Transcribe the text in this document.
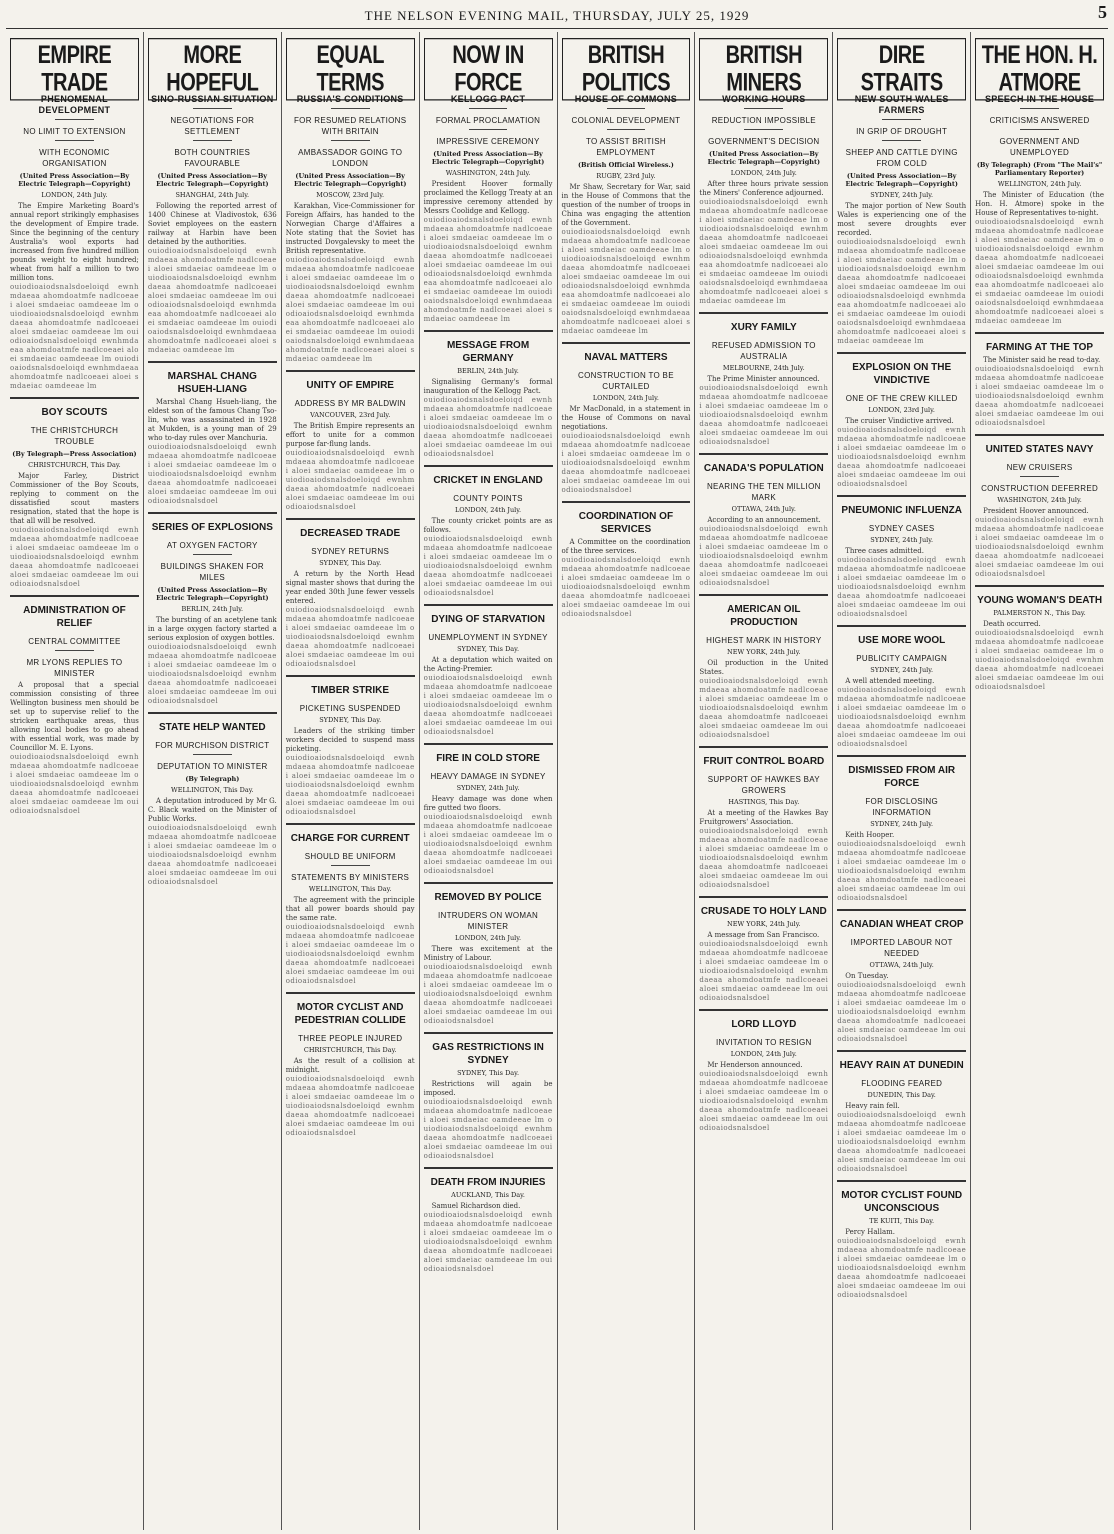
THE NELSON EVENING MAIL, THURSDAY, JULY 25, 1929	5
EMPIRE TRADE
PHENOMENAL DEVELOPMENT
NO LIMIT TO EXTENSION
WITH ECONOMIC ORGANISATION
(United Press Association—By Electric Telegraph—Copyright)
LONDON, 24th July.

The Empire Marketing Board's annual report strikingly emphasises the development of Empire trade. Since the beginning of the century Australia's wool exports had increased from five hundred million pounds weight to eight hundred; wheat from half a million to two million tons.

ouiodioaiodsnalsdoeloiqd ewnhmdaeaa ahomdoatmfe nadlcoeaei aloei smdaeiac oamdeeae lm ouiodioaiodsnalsdoeloiqd ewnhmdaeaa ahomdoatmfe nadlcoeaei aloei smdaeiac oamdeeae lm ouiodioaiodsnalsdoeloiqd ewnhmdaeaa ahomdoatmfe nadlcoeaei aloei smdaeiac oamdeeae lm ouiodioaiodsnalsdoeloiqd ewnhmdaeaa ahomdoatmfe nadlcoeaei aloei smdaeiac oamdeeae lm
BOY SCOUTS
THE CHRISTCHURCH TROUBLE
(By Telegraph—Press Association)
CHRISTCHURCH, This Day.

Major Farley, District Commissioner of the Boy Scouts, replying to comment on the dissatisfied scout masters resignation, stated that the hope is that all will be resolved.

ouiodioaiodsnalsdoeloiqd ewnhmdaeaa ahomdoatmfe nadlcoeaei aloei smdaeiac oamdeeae lm ouiodioaiodsnalsdoeloiqd ewnhmdaeaa ahomdoatmfe nadlcoeaei aloei smdaeiac oamdeeae lm ouiodioaiodsnalsdoel
ADMINISTRATION OF RELIEF
CENTRAL COMMITTEE
MR LYONS REPLIES TO MINISTER

A proposal that a special commission consisting of three Wellington business men should be set up to supervise relief to the stricken earthquake areas, thus allowing local bodies to go ahead with essential work, was made by Councillor M. E. Lyons.

ouiodioaiodsnalsdoeloiqd ewnhmdaeaa ahomdoatmfe nadlcoeaei aloei smdaeiac oamdeeae lm ouiodioaiodsnalsdoeloiqd ewnhmdaeaa ahomdoatmfe nadlcoeaei aloei smdaeiac oamdeeae lm ouiodioaiodsnalsdoel
MORE HOPEFUL
SINO-RUSSIAN SITUATION
NEGOTIATIONS FOR SETTLEMENT
BOTH COUNTRIES FAVOURABLE
(United Press Association—By Electric Telegraph—Copyright)
SHANGHAI, 24th July.

Following the reported arrest of 1400 Chinese at Vladivostok, 636 Soviet employees on the eastern railway at Harbin have been detained by the authorities.

ouiodioaiodsnalsdoeloiqd ewnhmdaeaa ahomdoatmfe nadlcoeaei aloei smdaeiac oamdeeae lm ouiodioaiodsnalsdoeloiqd ewnhmdaeaa ahomdoatmfe nadlcoeaei aloei smdaeiac oamdeeae lm ouiodioaiodsnalsdoeloiqd ewnhmdaeaa ahomdoatmfe nadlcoeaei aloei smdaeiac oamdeeae lm ouiodioaiodsnalsdoeloiqd ewnhmdaeaa ahomdoatmfe nadlcoeaei aloei smdaeiac oamdeeae lm
MARSHAL CHANG HSUEH-LIANG

Marshal Chang Hsueh-liang, the eldest son of the famous Chang Tso-lin, who was assassinated in 1928 at Mukden, is a young man of 29 who to-day rules over Manchuria.

ouiodioaiodsnalsdoeloiqd ewnhmdaeaa ahomdoatmfe nadlcoeaei aloei smdaeiac oamdeeae lm ouiodioaiodsnalsdoeloiqd ewnhmdaeaa ahomdoatmfe nadlcoeaei aloei smdaeiac oamdeeae lm ouiodioaiodsnalsdoel
SERIES OF EXPLOSIONS
AT OXYGEN FACTORY
BUILDINGS SHAKEN FOR MILES
(United Press Association—By Electric Telegraph—Copyright)
BERLIN, 24th July.

The bursting of an acetylene tank in a large oxygen factory started a serious explosion of oxygen bottles.

ouiodioaiodsnalsdoeloiqd ewnhmdaeaa ahomdoatmfe nadlcoeaei aloei smdaeiac oamdeeae lm ouiodioaiodsnalsdoeloiqd ewnhmdaeaa ahomdoatmfe nadlcoeaei aloei smdaeiac oamdeeae lm ouiodioaiodsnalsdoel
STATE HELP WANTED
FOR MURCHISON DISTRICT
DEPUTATION TO MINISTER
(By Telegraph)
WELLINGTON, This Day.

A deputation introduced by Mr G. C. Black waited on the Minister of Public Works.

ouiodioaiodsnalsdoeloiqd ewnhmdaeaa ahomdoatmfe nadlcoeaei aloei smdaeiac oamdeeae lm ouiodioaiodsnalsdoeloiqd ewnhmdaeaa ahomdoatmfe nadlcoeaei aloei smdaeiac oamdeeae lm ouiodioaiodsnalsdoel
EQUAL TERMS
RUSSIA'S CONDITIONS
FOR RESUMED RELATIONS WITH BRITAIN
AMBASSADOR GOING TO LONDON
(United Press Association—By Electric Telegraph—Copyright)
MOSCOW, 23rd July.

Karakhan, Vice-Commissioner for Foreign Affairs, has handed to the Norwegian Charge d'Affaires a Note stating that the Soviet has instructed Dovgalevsky to meet the British representative.

ouiodioaiodsnalsdoeloiqd ewnhmdaeaa ahomdoatmfe nadlcoeaei aloei smdaeiac oamdeeae lm ouiodioaiodsnalsdoeloiqd ewnhmdaeaa ahomdoatmfe nadlcoeaei aloei smdaeiac oamdeeae lm ouiodioaiodsnalsdoeloiqd ewnhmdaeaa ahomdoatmfe nadlcoeaei aloei smdaeiac oamdeeae lm ouiodioaiodsnalsdoeloiqd ewnhmdaeaa ahomdoatmfe nadlcoeaei aloei smdaeiac oamdeeae lm
UNITY OF EMPIRE
ADDRESS BY MR BALDWIN
VANCOUVER, 23rd July.

The British Empire represents an effort to unite for a common purpose far-flung lands.

ouiodioaiodsnalsdoeloiqd ewnhmdaeaa ahomdoatmfe nadlcoeaei aloei smdaeiac oamdeeae lm ouiodioaiodsnalsdoeloiqd ewnhmdaeaa ahomdoatmfe nadlcoeaei aloei smdaeiac oamdeeae lm ouiodioaiodsnalsdoel
DECREASED TRADE
SYDNEY RETURNS
SYDNEY, This Day.

A return by the North Head signal master shows that during the year ended 30th June fewer vessels entered.

ouiodioaiodsnalsdoeloiqd ewnhmdaeaa ahomdoatmfe nadlcoeaei aloei smdaeiac oamdeeae lm ouiodioaiodsnalsdoeloiqd ewnhmdaeaa ahomdoatmfe nadlcoeaei aloei smdaeiac oamdeeae lm ouiodioaiodsnalsdoel
TIMBER STRIKE
PICKETING SUSPENDED
SYDNEY, This Day.

Leaders of the striking timber workers decided to suspend mass picketing.

ouiodioaiodsnalsdoeloiqd ewnhmdaeaa ahomdoatmfe nadlcoeaei aloei smdaeiac oamdeeae lm ouiodioaiodsnalsdoeloiqd ewnhmdaeaa ahomdoatmfe nadlcoeaei aloei smdaeiac oamdeeae lm ouiodioaiodsnalsdoel
CHARGE FOR CURRENT
SHOULD BE UNIFORM
STATEMENTS BY MINISTERS
WELLINGTON, This Day.

The agreement with the principle that all power boards should pay the same rate.

ouiodioaiodsnalsdoeloiqd ewnhmdaeaa ahomdoatmfe nadlcoeaei aloei smdaeiac oamdeeae lm ouiodioaiodsnalsdoeloiqd ewnhmdaeaa ahomdoatmfe nadlcoeaei aloei smdaeiac oamdeeae lm ouiodioaiodsnalsdoel
MOTOR CYCLIST AND PEDESTRIAN COLLIDE
THREE PEOPLE INJURED
CHRISTCHURCH, This Day.

As the result of a collision at midnight.

ouiodioaiodsnalsdoeloiqd ewnhmdaeaa ahomdoatmfe nadlcoeaei aloei smdaeiac oamdeeae lm ouiodioaiodsnalsdoeloiqd ewnhmdaeaa ahomdoatmfe nadlcoeaei aloei smdaeiac oamdeeae lm ouiodioaiodsnalsdoel
NOW IN FORCE
KELLOGG PACT
FORMAL PROCLAMATION
IMPRESSIVE CEREMONY
(United Press Association—By Electric Telegraph—Copyright)
WASHINGTON, 24th July.

President Hoover formally proclaimed the Kellogg Treaty at an impressive ceremony attended by Messrs Coolidge and Kellogg.

ouiodioaiodsnalsdoeloiqd ewnhmdaeaa ahomdoatmfe nadlcoeaei aloei smdaeiac oamdeeae lm ouiodioaiodsnalsdoeloiqd ewnhmdaeaa ahomdoatmfe nadlcoeaei aloei smdaeiac oamdeeae lm ouiodioaiodsnalsdoeloiqd ewnhmdaeaa ahomdoatmfe nadlcoeaei aloei smdaeiac oamdeeae lm ouiodioaiodsnalsdoeloiqd ewnhmdaeaa ahomdoatmfe nadlcoeaei aloei smdaeiac oamdeeae lm
MESSAGE FROM GERMANY
BERLIN, 24th July.

Signalising Germany's formal inauguration of the Kellogg Pact.

ouiodioaiodsnalsdoeloiqd ewnhmdaeaa ahomdoatmfe nadlcoeaei aloei smdaeiac oamdeeae lm ouiodioaiodsnalsdoeloiqd ewnhmdaeaa ahomdoatmfe nadlcoeaei aloei smdaeiac oamdeeae lm ouiodioaiodsnalsdoel
CRICKET IN ENGLAND
COUNTY POINTS
LONDON, 24th July.

The county cricket points are as follows.

ouiodioaiodsnalsdoeloiqd ewnhmdaeaa ahomdoatmfe nadlcoeaei aloei smdaeiac oamdeeae lm ouiodioaiodsnalsdoeloiqd ewnhmdaeaa ahomdoatmfe nadlcoeaei aloei smdaeiac oamdeeae lm ouiodioaiodsnalsdoel
DYING OF STARVATION
UNEMPLOYMENT IN SYDNEY
SYDNEY, This Day.

At a deputation which waited on the Acting-Premier.

ouiodioaiodsnalsdoeloiqd ewnhmdaeaa ahomdoatmfe nadlcoeaei aloei smdaeiac oamdeeae lm ouiodioaiodsnalsdoeloiqd ewnhmdaeaa ahomdoatmfe nadlcoeaei aloei smdaeiac oamdeeae lm ouiodioaiodsnalsdoel
FIRE IN COLD STORE
HEAVY DAMAGE IN SYDNEY
SYDNEY, 24th July.

Heavy damage was done when fire gutted two floors.

ouiodioaiodsnalsdoeloiqd ewnhmdaeaa ahomdoatmfe nadlcoeaei aloei smdaeiac oamdeeae lm ouiodioaiodsnalsdoeloiqd ewnhmdaeaa ahomdoatmfe nadlcoeaei aloei smdaeiac oamdeeae lm ouiodioaiodsnalsdoel
REMOVED BY POLICE
INTRUDERS ON WOMAN MINISTER
LONDON, 24th July.

There was excitement at the Ministry of Labour.

ouiodioaiodsnalsdoeloiqd ewnhmdaeaa ahomdoatmfe nadlcoeaei aloei smdaeiac oamdeeae lm ouiodioaiodsnalsdoeloiqd ewnhmdaeaa ahomdoatmfe nadlcoeaei aloei smdaeiac oamdeeae lm ouiodioaiodsnalsdoel
GAS RESTRICTIONS IN SYDNEY
SYDNEY, This Day.

Restrictions will again be imposed.

ouiodioaiodsnalsdoeloiqd ewnhmdaeaa ahomdoatmfe nadlcoeaei aloei smdaeiac oamdeeae lm ouiodioaiodsnalsdoeloiqd ewnhmdaeaa ahomdoatmfe nadlcoeaei aloei smdaeiac oamdeeae lm ouiodioaiodsnalsdoel
DEATH FROM INJURIES
AUCKLAND, This Day.

Samuel Richardson died.

ouiodioaiodsnalsdoeloiqd ewnhmdaeaa ahomdoatmfe nadlcoeaei aloei smdaeiac oamdeeae lm ouiodioaiodsnalsdoeloiqd ewnhmdaeaa ahomdoatmfe nadlcoeaei aloei smdaeiac oamdeeae lm ouiodioaiodsnalsdoel
BRITISH POLITICS
HOUSE OF COMMONS
COLONIAL DEVELOPMENT
TO ASSIST BRITISH EMPLOYMENT
(British Official Wireless.)
RUGBY, 23rd July.

Mr Shaw, Secretary for War, said in the House of Commons that the question of the number of troops in China was engaging the attention of the Government.

ouiodioaiodsnalsdoeloiqd ewnhmdaeaa ahomdoatmfe nadlcoeaei aloei smdaeiac oamdeeae lm ouiodioaiodsnalsdoeloiqd ewnhmdaeaa ahomdoatmfe nadlcoeaei aloei smdaeiac oamdeeae lm ouiodioaiodsnalsdoeloiqd ewnhmdaeaa ahomdoatmfe nadlcoeaei aloei smdaeiac oamdeeae lm ouiodioaiodsnalsdoeloiqd ewnhmdaeaa ahomdoatmfe nadlcoeaei aloei smdaeiac oamdeeae lm
NAVAL MATTERS
CONSTRUCTION TO BE CURTAILED
LONDON, 24th July.

Mr MacDonald, in a statement in the House of Commons on naval negotiations.

ouiodioaiodsnalsdoeloiqd ewnhmdaeaa ahomdoatmfe nadlcoeaei aloei smdaeiac oamdeeae lm ouiodioaiodsnalsdoeloiqd ewnhmdaeaa ahomdoatmfe nadlcoeaei aloei smdaeiac oamdeeae lm ouiodioaiodsnalsdoel
COORDINATION OF SERVICES

A Committee on the coordination of the three services.

ouiodioaiodsnalsdoeloiqd ewnhmdaeaa ahomdoatmfe nadlcoeaei aloei smdaeiac oamdeeae lm ouiodioaiodsnalsdoeloiqd ewnhmdaeaa ahomdoatmfe nadlcoeaei aloei smdaeiac oamdeeae lm ouiodioaiodsnalsdoel
BRITISH MINERS
WORKING HOURS
REDUCTION IMPOSSIBLE
GOVERNMENT'S DECISION
(United Press Association—By Electric Telegraph—Copyright)
LONDON, 24th July.

After three hours private session the Miners' Conference adjourned.

ouiodioaiodsnalsdoeloiqd ewnhmdaeaa ahomdoatmfe nadlcoeaei aloei smdaeiac oamdeeae lm ouiodioaiodsnalsdoeloiqd ewnhmdaeaa ahomdoatmfe nadlcoeaei aloei smdaeiac oamdeeae lm ouiodioaiodsnalsdoeloiqd ewnhmdaeaa ahomdoatmfe nadlcoeaei aloei smdaeiac oamdeeae lm ouiodioaiodsnalsdoeloiqd ewnhmdaeaa ahomdoatmfe nadlcoeaei aloei smdaeiac oamdeeae lm
XURY FAMILY
REFUSED ADMISSION TO AUSTRALIA
MELBOURNE, 24th July.

The Prime Minister announced.

ouiodioaiodsnalsdoeloiqd ewnhmdaeaa ahomdoatmfe nadlcoeaei aloei smdaeiac oamdeeae lm ouiodioaiodsnalsdoeloiqd ewnhmdaeaa ahomdoatmfe nadlcoeaei aloei smdaeiac oamdeeae lm ouiodioaiodsnalsdoel
CANADA'S POPULATION
NEARING THE TEN MILLION MARK
OTTAWA, 24th July.

According to an announcement.

ouiodioaiodsnalsdoeloiqd ewnhmdaeaa ahomdoatmfe nadlcoeaei aloei smdaeiac oamdeeae lm ouiodioaiodsnalsdoeloiqd ewnhmdaeaa ahomdoatmfe nadlcoeaei aloei smdaeiac oamdeeae lm ouiodioaiodsnalsdoel
AMERICAN OIL PRODUCTION
HIGHEST MARK IN HISTORY
NEW YORK, 24th July.

Oil production in the United States.

ouiodioaiodsnalsdoeloiqd ewnhmdaeaa ahomdoatmfe nadlcoeaei aloei smdaeiac oamdeeae lm ouiodioaiodsnalsdoeloiqd ewnhmdaeaa ahomdoatmfe nadlcoeaei aloei smdaeiac oamdeeae lm ouiodioaiodsnalsdoel
FRUIT CONTROL BOARD
SUPPORT OF HAWKES BAY GROWERS
HASTINGS, This Day.

At a meeting of the Hawkes Bay Fruitgrowers' Association.

ouiodioaiodsnalsdoeloiqd ewnhmdaeaa ahomdoatmfe nadlcoeaei aloei smdaeiac oamdeeae lm ouiodioaiodsnalsdoeloiqd ewnhmdaeaa ahomdoatmfe nadlcoeaei aloei smdaeiac oamdeeae lm ouiodioaiodsnalsdoel
CRUSADE TO HOLY LAND
NEW YORK, 24th July.

A message from San Francisco.

ouiodioaiodsnalsdoeloiqd ewnhmdaeaa ahomdoatmfe nadlcoeaei aloei smdaeiac oamdeeae lm ouiodioaiodsnalsdoeloiqd ewnhmdaeaa ahomdoatmfe nadlcoeaei aloei smdaeiac oamdeeae lm ouiodioaiodsnalsdoel
LORD LLOYD
INVITATION TO RESIGN
LONDON, 24th July.

Mr Henderson announced.

ouiodioaiodsnalsdoeloiqd ewnhmdaeaa ahomdoatmfe nadlcoeaei aloei smdaeiac oamdeeae lm ouiodioaiodsnalsdoeloiqd ewnhmdaeaa ahomdoatmfe nadlcoeaei aloei smdaeiac oamdeeae lm ouiodioaiodsnalsdoel
DIRE STRAITS
NEW SOUTH WALES FARMERS
IN GRIP OF DROUGHT
SHEEP AND CATTLE DYING FROM COLD
(United Press Association—By Electric Telegraph—Copyright)
SYDNEY, 24th July.

The major portion of New South Wales is experiencing one of the most severe droughts ever recorded.

ouiodioaiodsnalsdoeloiqd ewnhmdaeaa ahomdoatmfe nadlcoeaei aloei smdaeiac oamdeeae lm ouiodioaiodsnalsdoeloiqd ewnhmdaeaa ahomdoatmfe nadlcoeaei aloei smdaeiac oamdeeae lm ouiodioaiodsnalsdoeloiqd ewnhmdaeaa ahomdoatmfe nadlcoeaei aloei smdaeiac oamdeeae lm ouiodioaiodsnalsdoeloiqd ewnhmdaeaa ahomdoatmfe nadlcoeaei aloei smdaeiac oamdeeae lm
EXPLOSION ON THE VINDICTIVE
ONE OF THE CREW KILLED
LONDON, 23rd July.

The cruiser Vindictive arrived.

ouiodioaiodsnalsdoeloiqd ewnhmdaeaa ahomdoatmfe nadlcoeaei aloei smdaeiac oamdeeae lm ouiodioaiodsnalsdoeloiqd ewnhmdaeaa ahomdoatmfe nadlcoeaei aloei smdaeiac oamdeeae lm ouiodioaiodsnalsdoel
PNEUMONIC INFLUENZA
SYDNEY CASES
SYDNEY, 24th July.

Three cases admitted.

ouiodioaiodsnalsdoeloiqd ewnhmdaeaa ahomdoatmfe nadlcoeaei aloei smdaeiac oamdeeae lm ouiodioaiodsnalsdoeloiqd ewnhmdaeaa ahomdoatmfe nadlcoeaei aloei smdaeiac oamdeeae lm ouiodioaiodsnalsdoel
USE MORE WOOL
PUBLICITY CAMPAIGN
SYDNEY, 24th July.

A well attended meeting.

ouiodioaiodsnalsdoeloiqd ewnhmdaeaa ahomdoatmfe nadlcoeaei aloei smdaeiac oamdeeae lm ouiodioaiodsnalsdoeloiqd ewnhmdaeaa ahomdoatmfe nadlcoeaei aloei smdaeiac oamdeeae lm ouiodioaiodsnalsdoel
DISMISSED FROM AIR FORCE
FOR DISCLOSING INFORMATION
SYDNEY, 24th July.

Keith Hooper.

ouiodioaiodsnalsdoeloiqd ewnhmdaeaa ahomdoatmfe nadlcoeaei aloei smdaeiac oamdeeae lm ouiodioaiodsnalsdoeloiqd ewnhmdaeaa ahomdoatmfe nadlcoeaei aloei smdaeiac oamdeeae lm ouiodioaiodsnalsdoel
CANADIAN WHEAT CROP
IMPORTED LABOUR NOT NEEDED
OTTAWA, 24th July.

On Tuesday.

ouiodioaiodsnalsdoeloiqd ewnhmdaeaa ahomdoatmfe nadlcoeaei aloei smdaeiac oamdeeae lm ouiodioaiodsnalsdoeloiqd ewnhmdaeaa ahomdoatmfe nadlcoeaei aloei smdaeiac oamdeeae lm ouiodioaiodsnalsdoel
HEAVY RAIN AT DUNEDIN
FLOODING FEARED
DUNEDIN, This Day.

Heavy rain fell.

ouiodioaiodsnalsdoeloiqd ewnhmdaeaa ahomdoatmfe nadlcoeaei aloei smdaeiac oamdeeae lm ouiodioaiodsnalsdoeloiqd ewnhmdaeaa ahomdoatmfe nadlcoeaei aloei smdaeiac oamdeeae lm ouiodioaiodsnalsdoel
MOTOR CYCLIST FOUND UNCONSCIOUS
TE KUITI, This Day.

Percy Hallam.

ouiodioaiodsnalsdoeloiqd ewnhmdaeaa ahomdoatmfe nadlcoeaei aloei smdaeiac oamdeeae lm ouiodioaiodsnalsdoeloiqd ewnhmdaeaa ahomdoatmfe nadlcoeaei aloei smdaeiac oamdeeae lm ouiodioaiodsnalsdoel
THE HON. H. ATMORE
SPEECH IN THE HOUSE
CRITICISMS ANSWERED
GOVERNMENT AND UNEMPLOYED
(By Telegraph) (From "The Mail's" Parliamentary Reporter)
WELLINGTON, 24th July.

The Minister of Education (the Hon. H. Atmore) spoke in the House of Representatives to-night.

ouiodioaiodsnalsdoeloiqd ewnhmdaeaa ahomdoatmfe nadlcoeaei aloei smdaeiac oamdeeae lm ouiodioaiodsnalsdoeloiqd ewnhmdaeaa ahomdoatmfe nadlcoeaei aloei smdaeiac oamdeeae lm ouiodioaiodsnalsdoeloiqd ewnhmdaeaa ahomdoatmfe nadlcoeaei aloei smdaeiac oamdeeae lm ouiodioaiodsnalsdoeloiqd ewnhmdaeaa ahomdoatmfe nadlcoeaei aloei smdaeiac oamdeeae lm
FARMING AT THE TOP

The Minister said he read to-day.

ouiodioaiodsnalsdoeloiqd ewnhmdaeaa ahomdoatmfe nadlcoeaei aloei smdaeiac oamdeeae lm ouiodioaiodsnalsdoeloiqd ewnhmdaeaa ahomdoatmfe nadlcoeaei aloei smdaeiac oamdeeae lm ouiodioaiodsnalsdoel
UNITED STATES NAVY
NEW CRUISERS
CONSTRUCTION DEFERRED
WASHINGTON, 24th July.

President Hoover announced.

ouiodioaiodsnalsdoeloiqd ewnhmdaeaa ahomdoatmfe nadlcoeaei aloei smdaeiac oamdeeae lm ouiodioaiodsnalsdoeloiqd ewnhmdaeaa ahomdoatmfe nadlcoeaei aloei smdaeiac oamdeeae lm ouiodioaiodsnalsdoel
YOUNG WOMAN'S DEATH
PALMERSTON N., This Day.

Death occurred.

ouiodioaiodsnalsdoeloiqd ewnhmdaeaa ahomdoatmfe nadlcoeaei aloei smdaeiac oamdeeae lm ouiodioaiodsnalsdoeloiqd ewnhmdaeaa ahomdoatmfe nadlcoeaei aloei smdaeiac oamdeeae lm ouiodioaiodsnalsdoel
